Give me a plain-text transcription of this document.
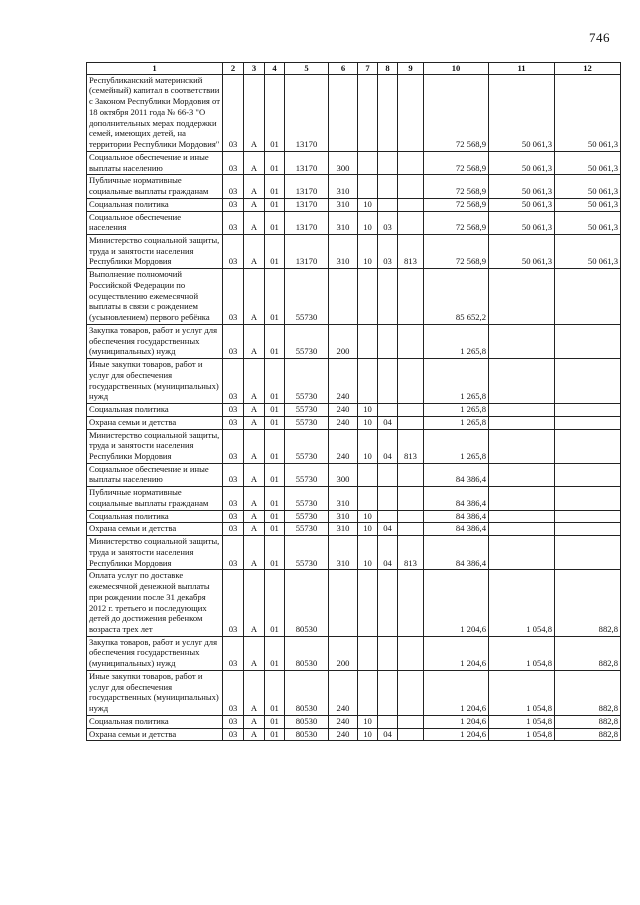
746
1	2	3	4	5	6	7	8	9	10	11	12
Республиканский материнский (семейный) капитал в соответствии с Законом Республики Мордовия от 18 октября 2011 года № 66-З "О дополнительных мерах поддержки семей, имеющих детей, на территории Республики Мордовия"	03	А	01	13170					72 568,9	50 061,3	50 061,3
Социальное обеспечение и иные выплаты населению	03	А	01	13170	300				72 568,9	50 061,3	50 061,3
Публичные нормативные социальные выплаты гражданам	03	А	01	13170	310				72 568,9	50 061,3	50 061,3
Социальная политика	03	А	01	13170	310	10			72 568,9	50 061,3	50 061,3
Социальное обеспечение населения	03	А	01	13170	310	10	03		72 568,9	50 061,3	50 061,3
Министерство социальной защиты, труда и занятости населения Республики Мордовия	03	А	01	13170	310	10	03	813	72 568,9	50 061,3	50 061,3
Выполнение полномочий Российской Федерации по осуществлению ежемесячной выплаты в связи с рождением (усыновлением) первого ребёнка	03	А	01	55730					85 652,2		
Закупка товаров, работ и услуг для обеспечения государственных (муниципальных) нужд	03	А	01	55730	200				1 265,8		
Иные закупки товаров, работ и услуг для обеспечения государственных (муниципальных) нужд	03	А	01	55730	240				1 265,8		
Социальная политика	03	А	01	55730	240	10			1 265,8		
Охрана семьи и детства	03	А	01	55730	240	10	04		1 265,8		
Министерство социальной защиты, труда и занятости населения Республики Мордовия	03	А	01	55730	240	10	04	813	1 265,8		
Социальное обеспечение и иные выплаты населению	03	А	01	55730	300				84 386,4		
Публичные нормативные социальные выплаты гражданам	03	А	01	55730	310				84 386,4		
Социальная политика	03	А	01	55730	310	10			84 386,4		
Охрана семьи и детства	03	А	01	55730	310	10	04		84 386,4		
Министерство социальной защиты, труда и занятости населения Республики Мордовия	03	А	01	55730	310	10	04	813	84 386,4		
Оплата услуг по доставке ежемесячной денежной выплаты при рождении после 31 декабря 2012 г. третьего и последующих детей до достижения ребенком возраста трех лет	03	А	01	80530					1 204,6	1 054,8	882,8
Закупка товаров, работ и услуг для обеспечения государственных (муниципальных) нужд	03	А	01	80530	200				1 204,6	1 054,8	882,8
Иные закупки товаров, работ и услуг для обеспечения государственных (муниципальных) нужд	03	А	01	80530	240				1 204,6	1 054,8	882,8
Социальная политика	03	А	01	80530	240	10			1 204,6	1 054,8	882,8
Охрана семьи и детства	03	А	01	80530	240	10	04		1 204,6	1 054,8	882,8
